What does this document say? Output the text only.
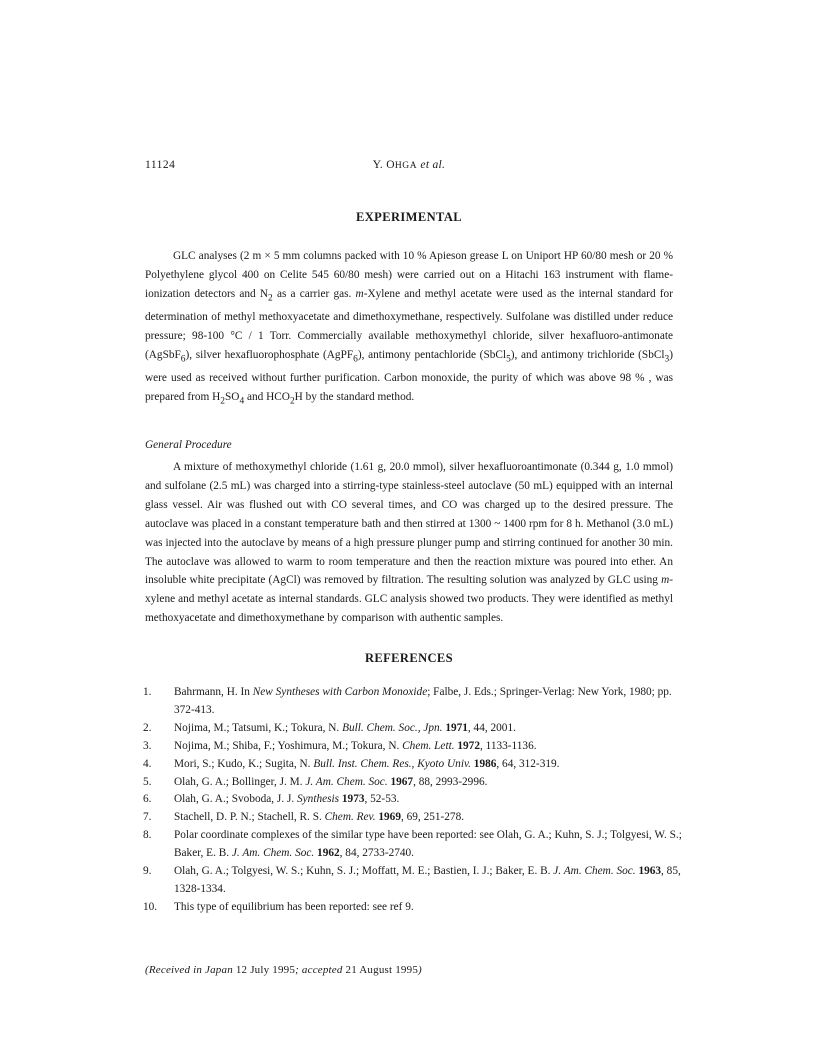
11124	Y. OHGA et al.
EXPERIMENTAL

GLC analyses (2 m × 5 mm columns packed with 10 % Apieson grease L on Uniport HP 60/80 mesh or 20 % Polyethylene glycol 400 on Celite 545 60/80 mesh) were carried out on a Hitachi 163 instrument with flame-ionization detectors and $N_2$ as a carrier gas. m-Xylene and methyl acetate were used as the internal standard for determination of methyl methoxyacetate and dimethoxymethane, respectively. Sulfolane was distilled under reduce pressure; 98-100 °C / 1 Torr. Commercially available methoxymethyl chloride, silver hexafluoro-antimonate (AgSbF$_6$), silver hexafluorophosphate (AgPF$_6$), antimony pentachloride (SbCl$_5$), and antimony trichloride (SbCl$_3$) were used as received without further purification. Carbon monoxide, the purity of which was above 98 % , was prepared from $H_2SO_4$ and $HCO_2H$ by the standard method.

General Procedure

A mixture of methoxymethyl chloride (1.61 g, 20.0 mmol), silver hexafluoroantimonate (0.344 g, 1.0 mmol) and sulfolane (2.5 mL) was charged into a stirring-type stainless-steel autoclave (50 mL) equipped with an internal glass vessel. Air was flushed out with CO several times, and CO was charged up to the desired pressure. The autoclave was placed in a constant temperature bath and then stirred at 1300 ~ 1400 rpm for 8 h. Methanol (3.0 mL) was injected into the autoclave by means of a high pressure plunger pump and stirring continued for another 30 min. The autoclave was allowed to warm to room temperature and then the reaction mixture was poured into ether. An insoluble white precipitate (AgCl) was removed by filtration. The resulting solution was analyzed by GLC using m-xylene and methyl acetate as internal standards. GLC analysis showed two products. They were identified as methyl methoxyacetate and dimethoxymethane by comparison with authentic samples.

REFERENCES
1.	Bahrmann, H. In New Syntheses with Carbon Monoxide; Falbe, J. Eds.; Springer-Verlag: New York, 1980; pp. 372-413.
2.	Nojima, M.; Tatsumi, K.; Tokura, N. Bull. Chem. Soc., Jpn. 1971, 44, 2001.
3.	Nojima, M.; Shiba, F.; Yoshimura, M.; Tokura, N. Chem. Lett. 1972, 1133-1136.
4.	Mori, S.; Kudo, K.; Sugita, N. Bull. Inst. Chem. Res., Kyoto Univ. 1986, 64, 312-319.
5.	Olah, G. A.; Bollinger, J. M. J. Am. Chem. Soc. 1967, 88, 2993-2996.
6.	Olah, G. A.; Svoboda, J. J. Synthesis 1973, 52-53.
7.	Stachell, D. P. N.; Stachell, R. S. Chem. Rev. 1969, 69, 251-278.
8.	Polar coordinate complexes of the similar type have been reported: see Olah, G. A.; Kuhn, S. J.; Tolgyesi, W. S.; Baker, E. B. J. Am. Chem. Soc. 1962, 84, 2733-2740.
9.	Olah, G. A.; Tolgyesi, W. S.; Kuhn, S. J.; Moffatt, M. E.; Bastien, I. J.; Baker, E. B. J. Am. Chem. Soc. 1963, 85, 1328-1334.
10.	This type of equilibrium has been reported: see ref 9.
(Received in Japan 12 July 1995; accepted 21 August 1995)
